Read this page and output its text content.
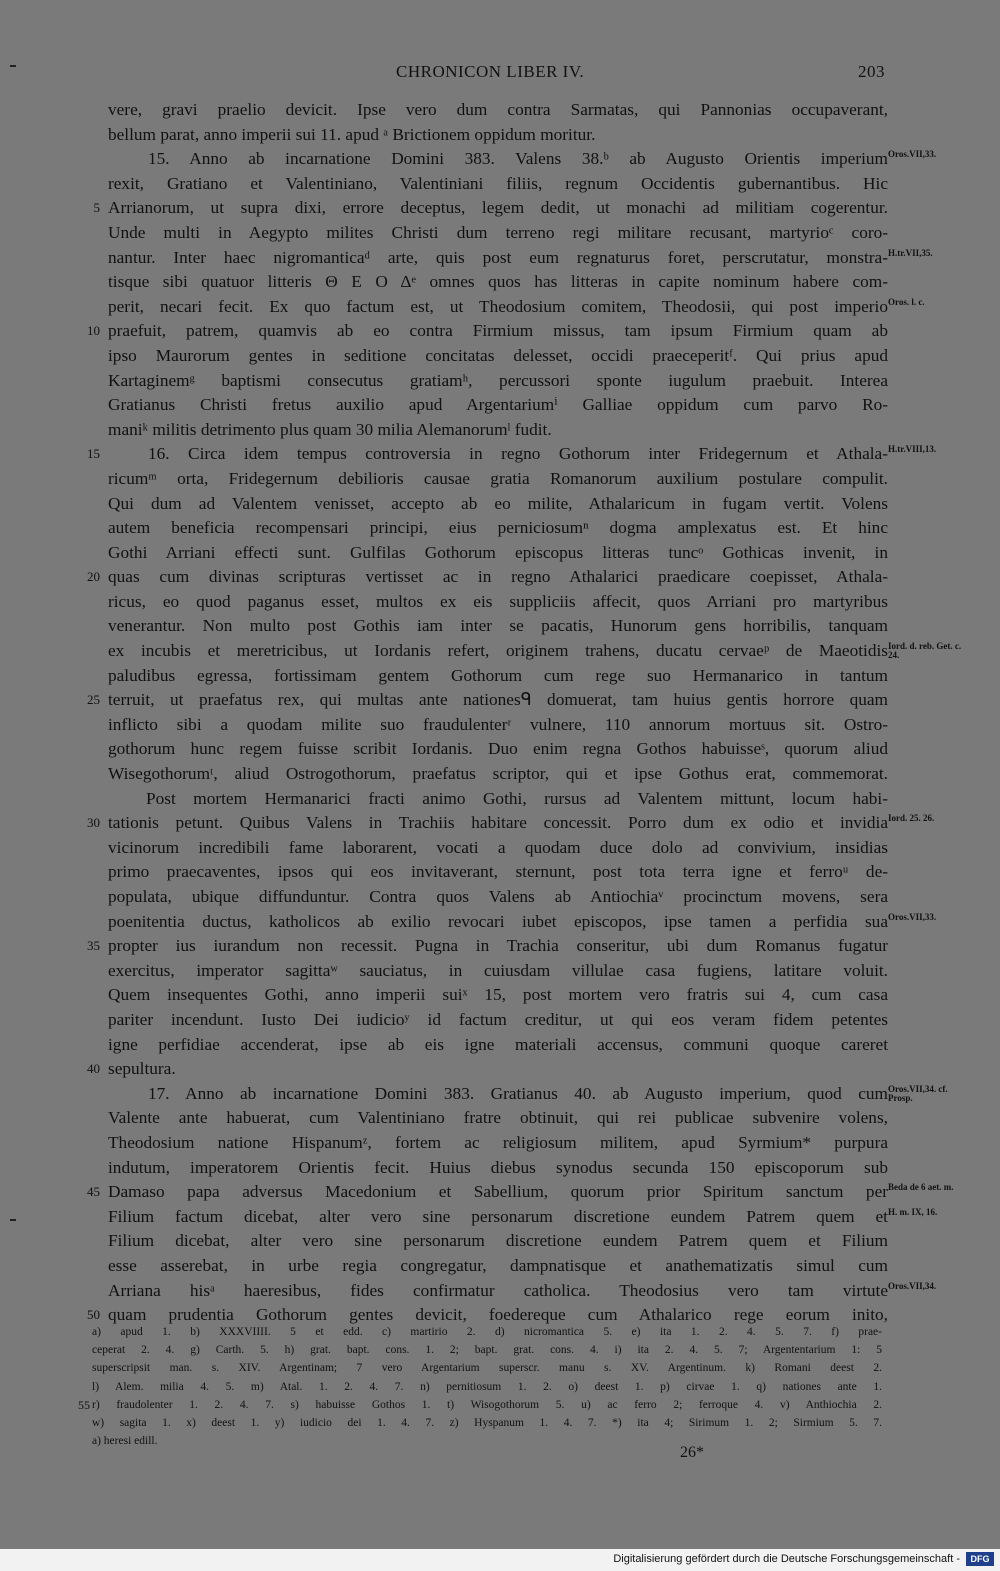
CHRONICON LIBER IV.	203
vere, gravi praelio devicit. Ipse vero dum contra Sarmatas, qui Pannonias occupaverant,
bellum parat, anno imperii sui 11. apud ᵃ Brictionem oppidum moritur.
15. Anno ab incarnatione Domini 383. Valens 38.ᵇ ab Augusto Orientis imperium Oros.VII,33.
rexit, Gratiano et Valentiniano, Valentiniani filiis, regnum Occidentis gubernantibus. Hic
5 Arrianorum, ut supra dixi, errore deceptus, legem dedit, ut monachi ad militiam cogerentur.
Unde multi in Aegypto milites Christi dum terreno regi militare recusant, martyrioᶜ coro-
nantur. Inter haec nigromanticaᵈ arte, quis post eum regnaturus foret, perscrutatur, monstra- H.tr.VII,35.
tisque sibi quatuor litteris Θ Ε Ο Δᵉ omnes quos has litteras in capite nominum habere com-
perit, necari fecit. Ex quo factum est, ut Theodosium comitem, Theodosii, qui post imperio Oros. l. c.
10 praefuit, patrem, quamvis ab eo contra Firmium missus, tam ipsum Firmium quam ab
ipso Maurorum gentes in seditione concitatas delesset, occidi praeceperitᶠ. Qui prius apud
Kartaginemᵍ baptismi consecutus gratiamʰ, percussori sponte iugulum praebuit. Interea
Gratianus Christi fretus auxilio apud Argentariumⁱ Galliae oppidum cum parvo Ro-
maniᵏ militis detrimento plus quam 30 milia Alemanorumˡ fudit.
15	16. Circa idem tempus controversia in regno Gothorum inter Fridegernum et Athala- H.tr.VIII,13.
ricumᵐ orta, Fridegernum debilioris causae gratia Romanorum auxilium postulare compulit.
Qui dum ad Valentem venisset, accepto ab eo milite, Athalaricum in fugam vertit. Volens
autem beneficia recompensari principi, eius perniciosumⁿ dogma amplexatus est. Et hinc
Gothi Arriani effecti sunt. Gulfilas Gothorum episcopus litteras tuncᵒ Gothicas invenit, in
20 quas cum divinas scripturas vertisset ac in regno Athalarici praedicare coepisset, Athala-
ricus, eo quod paganus esset, multos ex eis suppliciis affecit, quos Arriani pro martyribus
venerantur. Non multo post Gothis iam inter se pacatis, Hunorum gens horribilis, tanquam
ex incubis et meretricibus, ut Iordanis refert, originem trahens, ducatu cervaeᵖ de Maeotidis Iord. d. reb. Get. c. 24.
paludibus egressa, fortissimam gentem Gothorum cum rege suo Hermanarico in tantum
25 terruit, ut praefatus rex, qui multas ante nationesᑫ domuerat, tam huius gentis horrore quam
inflicto sibi a quodam milite suo fraudulenterʳ vulnere, 110 annorum mortuus sit. Ostro-
gothorum hunc regem fuisse scribit Iordanis. Duo enim regna Gothos habuisseˢ, quorum aliud
Wisegothorumᵗ, aliud Ostrogothorum, praefatus scriptor, qui et ipse Gothus erat, commemorat.
Post mortem Hermanarici fracti animo Gothi, rursus ad Valentem mittunt, locum habi-
30 tationis petunt. Quibus Valens in Trachiis habitare concessit. Porro dum ex odio et invidia Iord. 25. 26.
vicinorum incredibili fame laborarent, vocati a quodam duce dolo ad convivium, insidias
primo praecaventes, ipsos qui eos invitaverant, sternunt, post tota terra igne et ferroᵘ de-
populata, ubique diffunduntur. Contra quos Valens ab Antiochiaᵛ procinctum movens, sera
poenitentia ductus, katholicos ab exilio revocari iubet episcopos, ipse tamen a perfidia sua Oros.VII,33.
35 propter ius iurandum non recessit. Pugna in Trachia conseritur, ubi dum Romanus fugatur
exercitus, imperator sagittaʷ sauciatus, in cuiusdam villulae casa fugiens, latitare voluit.
Quem insequentes Gothi, anno imperii suiˣ 15, post mortem vero fratris sui 4, cum casa
pariter incendunt. Iusto Dei iudicioʸ id factum creditur, ut qui eos veram fidem petentes
igne perfidiae accenderat, ipse ab eis igne materiali accensus, communi quoque careret
40 sepultura.
17. Anno ab incarnatione Domini 383. Gratianus 40. ab Augusto imperium, quod cum Oros.VII,34. cf. Prosp.
Valente ante habuerat, cum Valentiniano fratre obtinuit, qui rei publicae subvenire volens,
Theodosium natione Hispanumᶻ, fortem ac religiosum militem, apud Syrmium* purpura
indutum, imperatorem Orientis fecit. Huius diebus synodus secunda 150 episcoporum sub
45 Damaso papa adversus Macedonium et Sabellium, quorum prior Spiritum sanctum per Beda de 6 aet. m.
Filium factum dicebat, alter vero sine personarum discretione eundem Patrem quem et H. m. IX, 16.
Filium dicebat, alter vero sine personarum discretione eundem Patrem quem et Filium
esse asserebat, in urbe regia congregatur, dampnatisque et anathematizatis simul cum
Arriana hisᵃ haeresibus, fides confirmatur catholica. Theodosius vero tam virtute Oros.VII,34.
50 quam prudentia Gothorum gentes devicit, foedereque cum Athalarico rege eorum inito,
a) apud 1. b) XXXVIIII. 5 et edd. c) martirio 2. d) nicromantica 5. e) ita 1. 2. 4. 5. 7. f) prae-
ceperat 2. 4. g) Carth. 5. h) grat. bapt. cons. 1. 2; bapt. grat. cons. 4. i) ita 2. 4. 5. 7; Argententarium 1: 5
superscripsit man. s. XIV. Argentinam; 7 vero Argentarium superscr. manu s. XV. Argentinum. k) Romani deest 2.
l) Alem. milia 4. 5. m) Atal. 1. 2. 4. 7. n) pernitiosum 1. 2. o) deest 1. p) cirvae 1. q) nationes ante 1.
55 r) fraudolenter 1. 2. 4. 7. s) habuisse Gothos 1. t) Wisogothorum 5. u) ac ferro 2; ferroque 4. v) Anthiochia 2.
w) sagita 1. x) deest 1. y) iudicio dei 1. 4. 7. z) Hyspanum 1. 4. 7. *) ita 4; Sirimum 1. 2; Sirmium 5. 7.
a) heresi edill.
26*
Digitalisierung gefördert durch die Deutsche Forschungsgemeinschaft -	DFG
